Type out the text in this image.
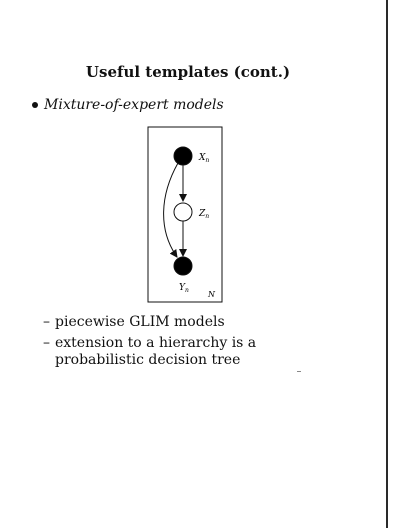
Useful templates (cont.)
Mixture-of-expert models
N
$X_n$
$Z_n$
$Y_n$
– piecewise GLIM models
– extension to a hierarchy is a probabilistic decision tree
